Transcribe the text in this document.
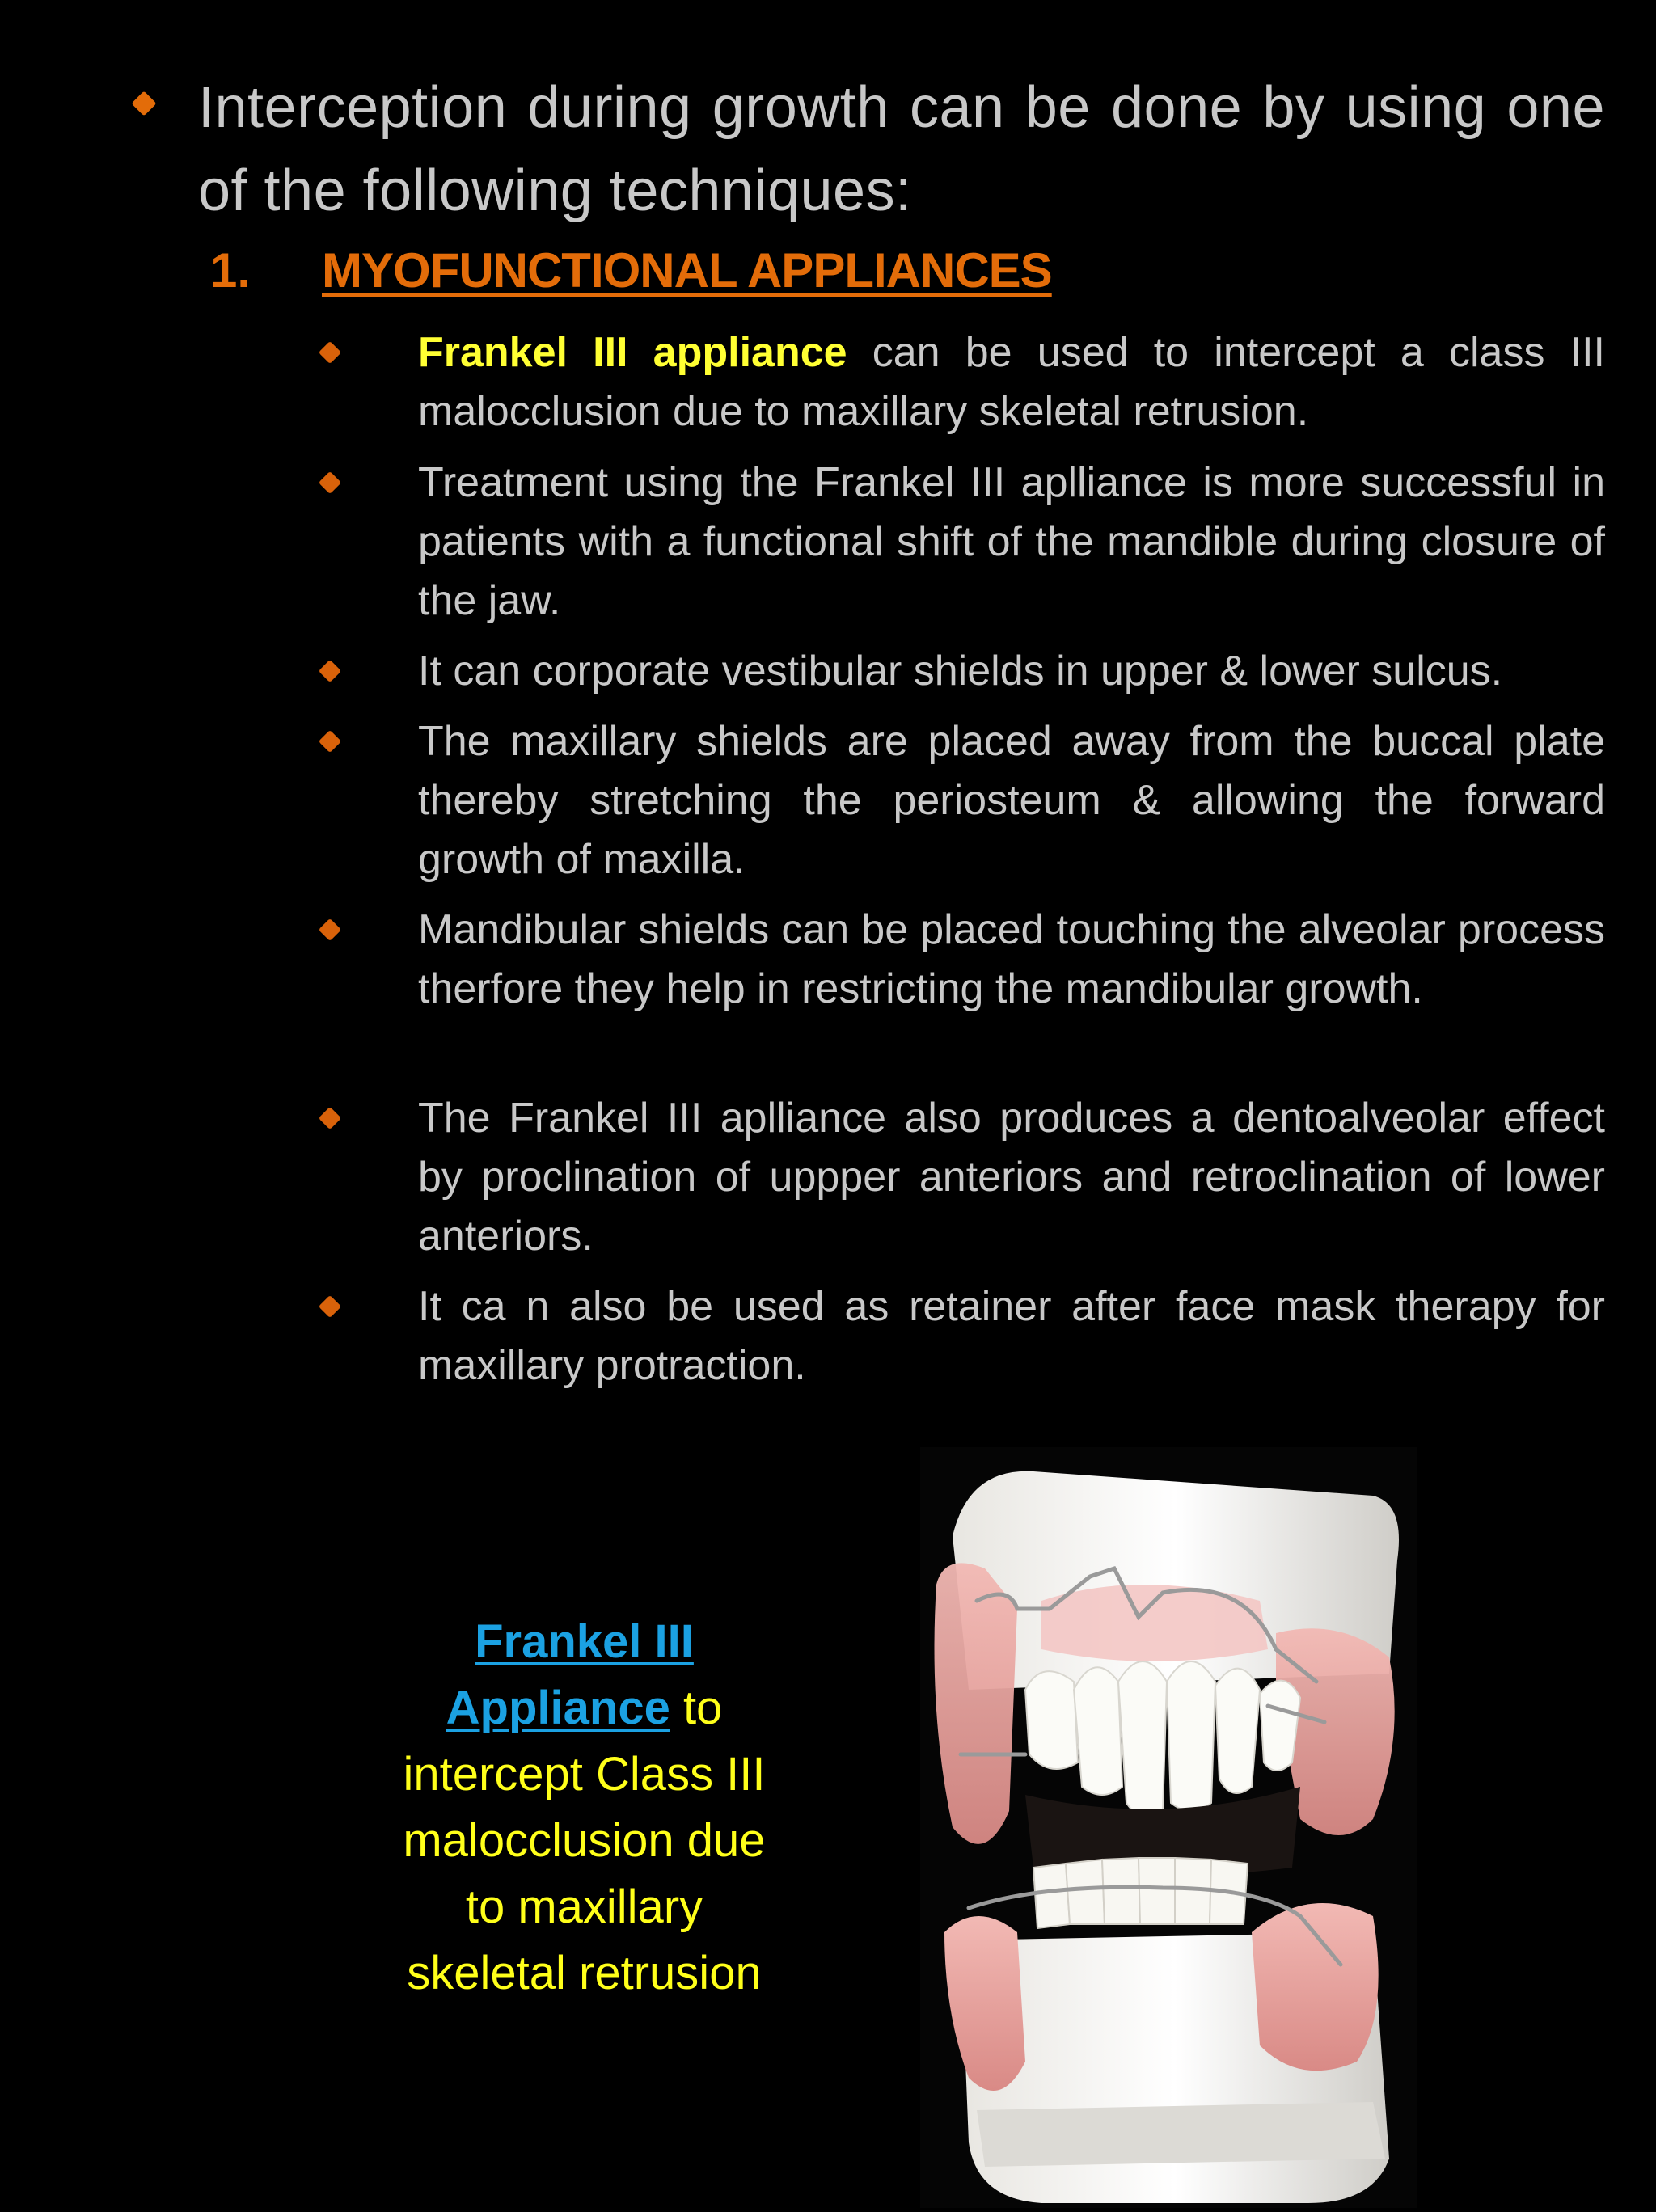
Interception during growth can be done by using one of the following techniques:
1. MYOFUNCTIONAL APPLIANCES
Frankel III appliance can be used to intercept a class III malocclusion due to maxillary skeletal retrusion.
Treatment using the Frankel III aplliance is more successful in patients with a functional shift of the mandible during closure of the jaw.
It can corporate vestibular shields in upper & lower sulcus.
The maxillary shields are placed away from the buccal plate thereby stretching the periosteum & allowing the forward growth of maxilla.
Mandibular shields can be placed touching the alveolar process therfore they help in restricting the mandibular growth.
The Frankel III aplliance also produces a dentoalveolar effect by proclination of uppper anteriors and retroclination of lower anteriors.
It ca n also be used as retainer after face mask therapy for maxillary protraction.
Frankel III
Appliance to
intercept Class III
malocclusion due
to maxillary
skeletal retrusion
